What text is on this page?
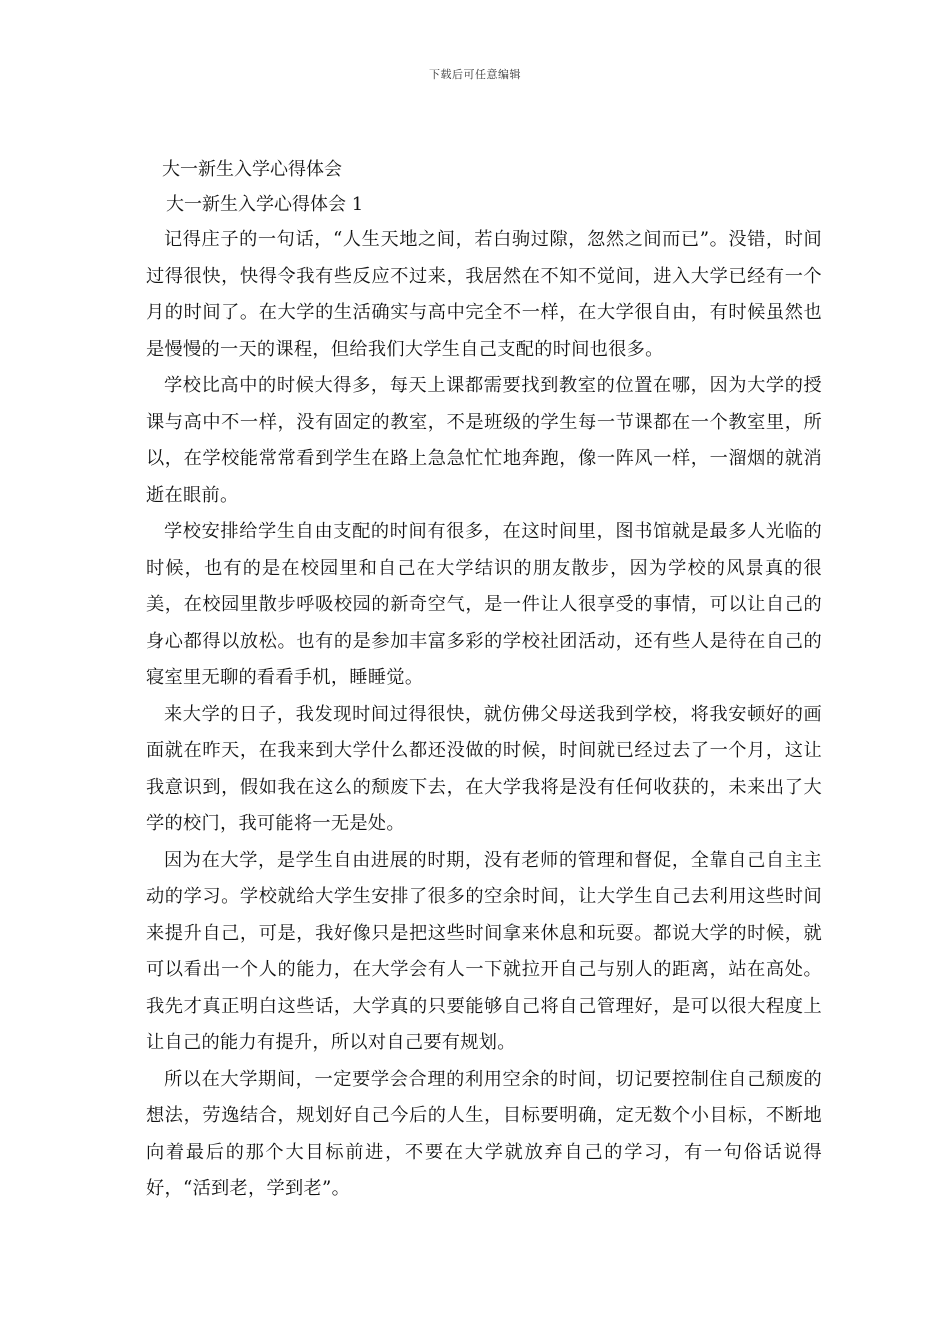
下载后可任意编辑

大一新生入学心得体会

大一新生入学心得体会 1

记得庄子的一句话，“人生天地之间，若白驹过隙，忽然之间而已”。没错，时间过得很快，快得令我有些反应不过来，我居然在不知不觉间，进入大学已经有一个月的时间了。在大学的生活确实与高中完全不一样，在大学很自由，有时候虽然也是慢慢的一天的课程，但给我们大学生自己支配的时间也很多。

学校比高中的时候大得多，每天上课都需要找到教室的位置在哪，因为大学的授课与高中不一样，没有固定的教室，不是班级的学生每一节课都在一个教室里，所以，在学校能常常看到学生在路上急急忙忙地奔跑，像一阵风一样，一溜烟的就消逝在眼前。

学校安排给学生自由支配的时间有很多，在这时间里，图书馆就是最多人光临的时候，也有的是在校园里和自己在大学结识的朋友散步，因为学校的风景真的很美，在校园里散步呼吸校园的新奇空气，是一件让人很享受的事情，可以让自己的身心都得以放松。也有的是参加丰富多彩的学校社团活动，还有些人是待在自己的寝室里无聊的看看手机，睡睡觉。

来大学的日子，我发现时间过得很快，就仿佛父母送我到学校，将我安顿好的画面就在昨天，在我来到大学什么都还没做的时候，时间就已经过去了一个月，这让我意识到，假如我在这么的颓废下去，在大学我将是没有任何收获的，未来出了大学的校门，我可能将一无是处。

因为在大学，是学生自由进展的时期，没有老师的管理和督促，全靠自己自主主动的学习。学校就给大学生安排了很多的空余时间，让大学生自己去利用这些时间来提升自己，可是，我好像只是把这些时间拿来休息和玩耍。都说大学的时候，就可以看出一个人的能力，在大学会有人一下就拉开自己与别人的距离，站在高处。我先才真正明白这些话，大学真的只要能够自己将自己管理好，是可以很大程度上让自己的能力有提升，所以对自己要有规划。

所以在大学期间，一定要学会合理的利用空余的时间，切记要控制住自己颓废的想法，劳逸结合，规划好自己今后的人生，目标要明确，定无数个小目标，不断地向着最后的那个大目标前进，不要在大学就放弃自己的学习，有一句俗话说得好，“活到老，学到老”。
